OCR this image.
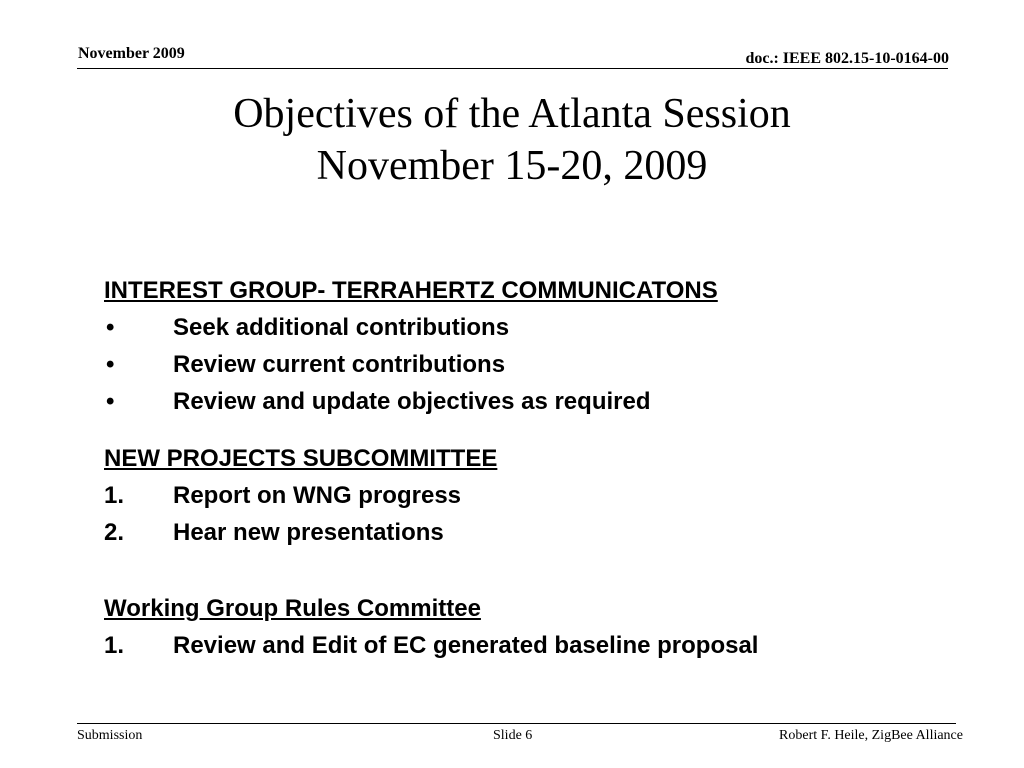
November 2009	doc.: IEEE 802.15-10-0164-00
Objectives of the Atlanta Session
November 15-20, 2009
INTEREST GROUP- TERRAHERTZ COMMUNICATONS
• Seek additional contributions
• Review current contributions
• Review and update objectives as required
NEW PROJECTS SUBCOMMITTEE
1. Report on WNG progress
2. Hear new presentations
Working Group Rules Committee
1. Review and Edit of EC generated baseline proposal
Submission	Slide 6	Robert F. Heile, ZigBee Alliance
